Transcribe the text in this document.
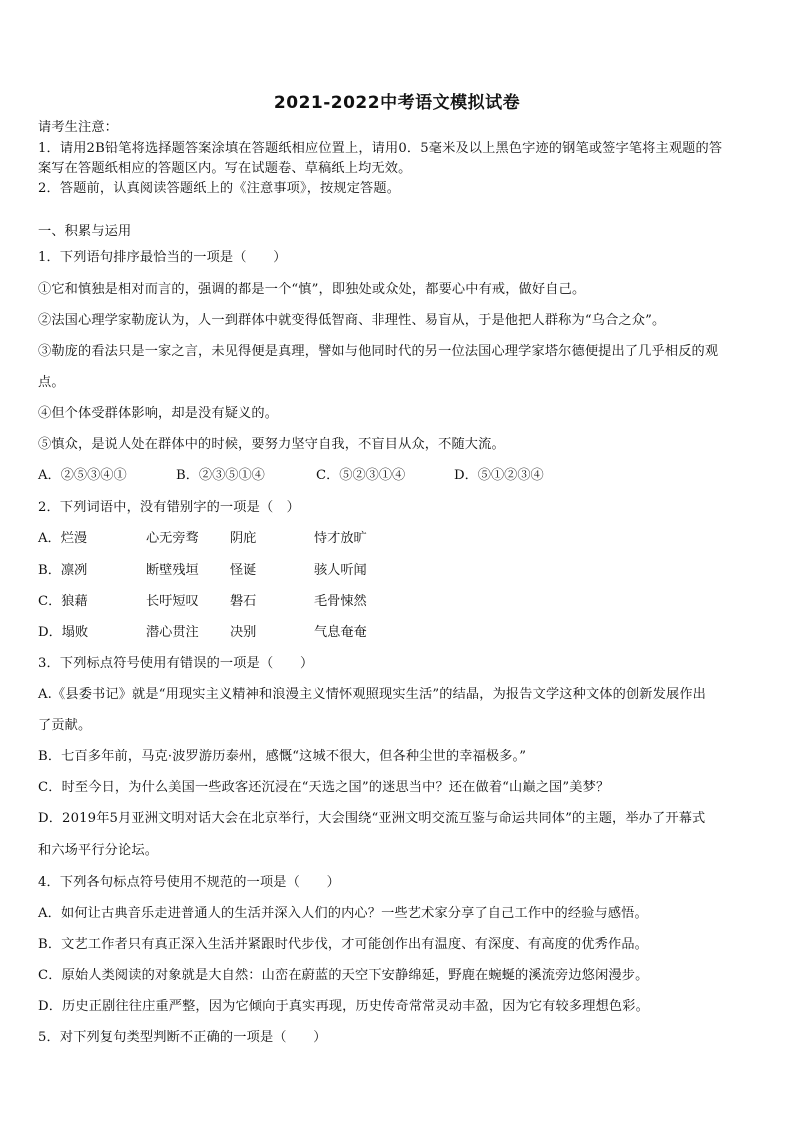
2021-2022中考语文模拟试卷
请考生注意：
1．请用2B铅笔将选择题答案涂填在答题纸相应位置上，请用0．5毫米及以上黑色字迹的钢笔或签字笔将主观题的答
案写在答题纸相应的答题区内。写在试题卷、草稿纸上均无效。
2．答题前，认真阅读答题纸上的《注意事项》，按规定答题。
一、积累与运用
1．下列语句排序最恰当的一项是（　　）
①它和慎独是相对而言的，强调的都是一个“慎”，即独处或众处，都要心中有戒，做好自己。
②法国心理学家勒庞认为，人一到群体中就变得低智商、非理性、易盲从，于是他把人群称为“乌合之众”。
③勒庞的看法只是一家之言，未见得便是真理，譬如与他同时代的另一位法国心理学家塔尔德便提出了几乎相反的观
点。
④但个体受群体影响，却是没有疑义的。
⑤慎众，是说人处在群体中的时候，要努力坚守自我，不盲目从众，不随大流。
A．②⑤③④①	B．②③⑤①④	C．⑤②③①④	D．⑤①②③④
2．下列词语中，没有错别字的一项是（　）
A．烂漫	心无旁骛 阴庇	恃才放旷
B．凛冽	断壁残垣 怪诞	骇人听闻
C．狼藉	长吁短叹 磐石	毛骨悚然
D．塌败	潜心贯注 决别	气息奄奄
3．下列标点符号使用有错误的一项是（　　）
A.《县委书记》就是“用现实主义精神和浪漫主义情怀观照现实生活”的结晶，为报告文学这种文体的创新发展作出
了贡献。
B．七百多年前，马克·波罗游历泰州，感慨“这城不很大，但各种尘世的幸福极多。”
C．时至今日，为什么美国一些政客还沉浸在“天选之国”的迷思当中？还在做着“山巅之国”美梦？
D．2019年5月亚洲文明对话大会在北京举行，大会围绕“亚洲文明交流互鉴与命运共同体”的主题，举办了开幕式
和六场平行分论坛。
4．下列各句标点符号使用不规范的一项是（　　）
A．如何让古典音乐走进普通人的生活并深入人们的内心？一些艺术家分享了自己工作中的经验与感悟。
B．文艺工作者只有真正深入生活并紧跟时代步伐，才可能创作出有温度、有深度、有高度的优秀作品。
C．原始人类阅读的对象就是大自然：山峦在蔚蓝的天空下安静绵延，野鹿在蜿蜒的溪流旁边悠闲漫步。
D．历史正剧往往庄重严整，因为它倾向于真实再现，历史传奇常常灵动丰盈，因为它有较多理想色彩。
5．对下列复句类型判断不正确的一项是（　　）
